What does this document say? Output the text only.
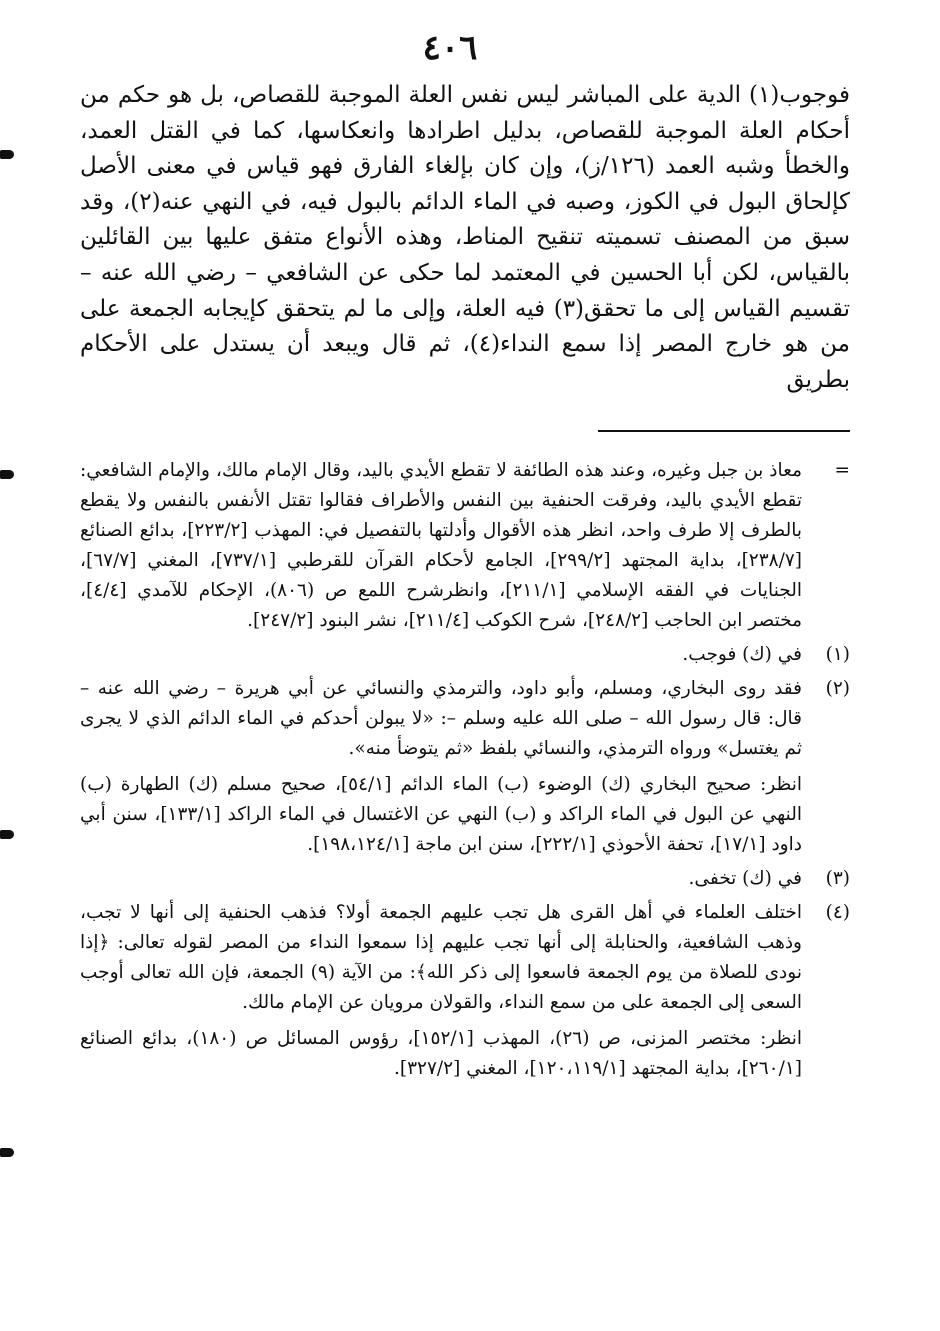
٤٠٦

فوجوب(١) الدية على المباشر ليس نفس العلة الموجبة للقصاص، بل هو حكم من أحكام العلة الموجبة للقصاص، بدليل اطرادها وانعكاسها، كما في القتل العمد، والخطأ وشبه العمد (١٢٦/ز)، وإن كان بإلغاء الفارق فهو قياس في معنى الأصل كإلحاق البول في الكوز، وصبه في الماء الدائم بالبول فيه، في النهي عنه(٢)، وقد سبق من المصنف تسميته تنقيح المناط، وهذه الأنواع متفق عليها بين القائلين بالقياس، لكن أبا الحسين في المعتمد لما حكى عن الشافعي – رضي الله عنه – تقسيم القياس إلى ما تحقق(٣) فيه العلة، وإلى ما لم يتحقق كإيجابه الجمعة على من هو خارج المصر إذا سمع النداء(٤)، ثم قال ويبعد أن يستدل على الأحكام بطريق

=

معاذ بن جبل وغيره، وعند هذه الطائفة لا تقطع الأيدي باليد، وقال الإمام مالك، والإمام الشافعي: تقطع الأيدي باليد، وفرقت الحنفية بين النفس والأطراف فقالوا تقتل الأنفس بالنفس ولا يقطع بالطرف إلا طرف واحد، انظر هذه الأقوال وأدلتها بالتفصيل في: المهذب [٢٢٣/٢]، بدائع الصنائع [٢٣٨/٧]، بداية المجتهد [٢٩٩/٢]، الجامع لأحكام القرآن للقرطبي [٧٣٧/١]، المغني [٦٧/٧]، الجنايات في الفقه الإسلامي [٢١١/١]، وانظرشرح اللمع ص (٨٠٦)، الإحكام للآمدي [٤/٤]، مختصر ابن الحاجب [٢٤٨/٢]، شرح الكوكب [٢١١/٤]، نشر البنود [٢٤٧/٢].

(١)

في (ك) فوجب.

(٢)

فقد روى البخاري، ومسلم، وأبو داود، والترمذي والنسائي عن أبي هريرة – رضي الله عنه – قال: قال رسول الله – صلى الله عليه وسلم –: «لا يبولن أحدكم في الماء الدائم الذي لا يجرى ثم يغتسل» ورواه الترمذي، والنسائي بلفظ «ثم يتوضأ منه».

انظر: صحيح البخاري (ك) الوضوء (ب) الماء الدائم [٥٤/١]، صحيح مسلم (ك) الطهارة (ب) النهي عن البول في الماء الراكد و (ب) النهي عن الاغتسال في الماء الراكد [١٣٣/١]، سنن أبي داود [١٧/١]، تحفة الأحوذي [٢٢٢/١]، سنن ابن ماجة [١٩٨،١٢٤/١].

(٣)

في (ك) تخفى.

(٤)

اختلف العلماء في أهل القرى هل تجب عليهم الجمعة أولا؟ فذهب الحنفية إلى أنها لا تجب، وذهب الشافعية، والحنابلة إلى أنها تجب عليهم إذا سمعوا النداء من المصر لقوله تعالى: ﴿إذا نودى للصلاة من يوم الجمعة فاسعوا إلى ذكر الله﴾: من الآية (٩) الجمعة، فإن الله تعالى أوجب السعى إلى الجمعة على من سمع النداء، والقولان مرويان عن الإمام مالك.

انظر: مختصر المزنى، ص (٢٦)، المهذب [١٥٢/١]، رؤوس المسائل ص (١٨٠)، بدائع الصنائع [٢٦٠/١]، بداية المجتهد [١٢٠،١١٩/١]، المغني [٣٢٧/٢].
